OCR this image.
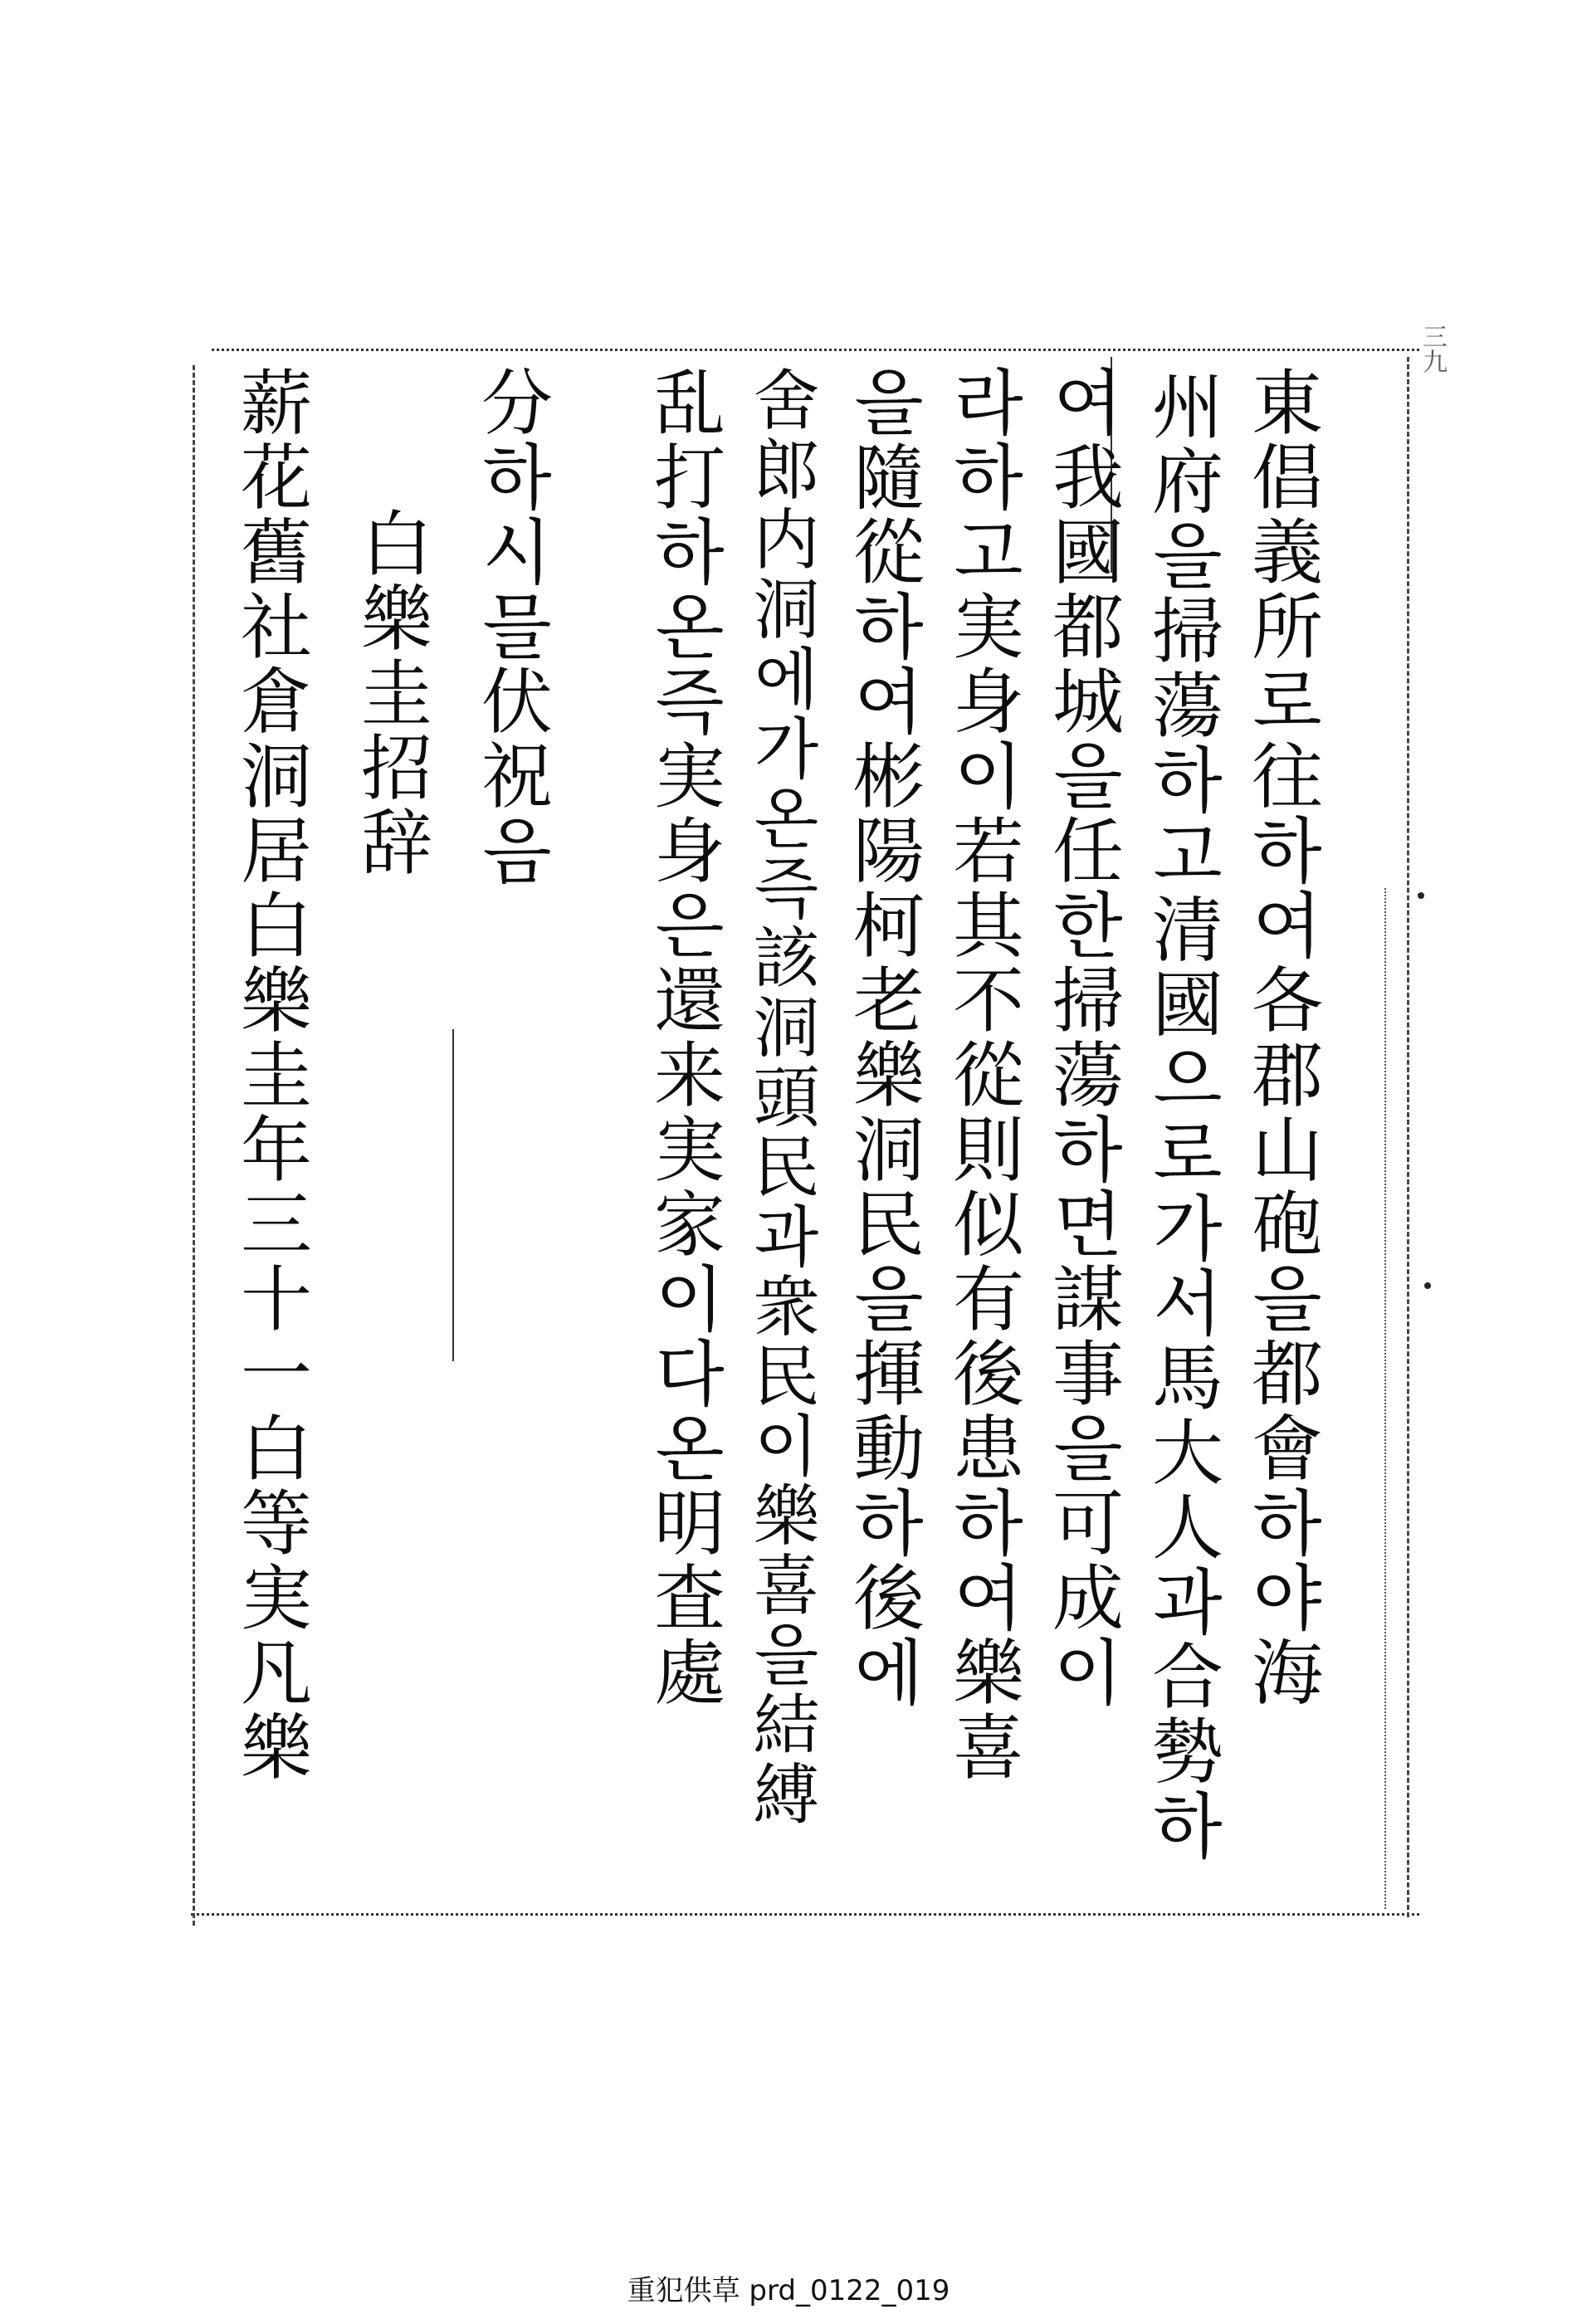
三九
東倡義所로往하여各郡山砲을都會하야海
州府을掃蕩하고清國으로가서馬大人과合勢하
여我國都城을任한掃蕩하면謀事을可成이
라하고実身이若其不從則似有後患하여樂喜
을隨從하여彬陽柯老樂洞民을揮動하後에
舍郎内洞에가온즉該洞頭民과衆民이樂喜을結縛
乱打하온즉実身은還来実家이다온明査處
分하시믈伏祝음
白樂圭招辞
薪花舊社倉洞居白樂圭年三十一白等実凡樂
重犯供草 prd_0122_019
